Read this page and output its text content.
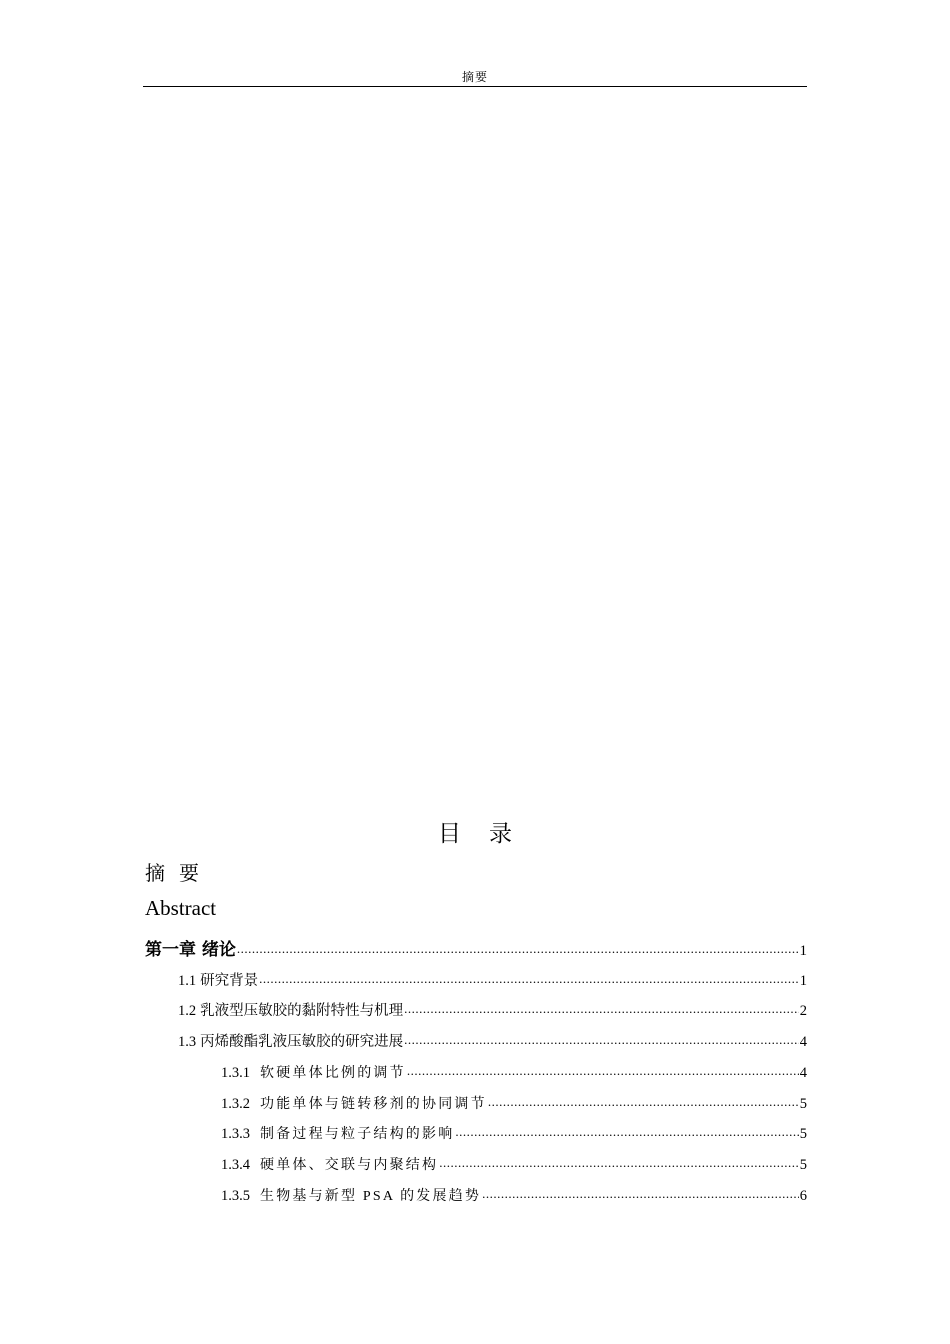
摘要
目录
摘要
Abstract
第一章 绪论 .....	1
1.1 研究背景 .....	1
1.2 乳液型压敏胶的黏附特性与机理 .....	2
1.3 丙烯酸酯乳液压敏胶的研究进展 .....	4
1.3.1 软硬单体比例的调节 .....	4
1.3.2 功能单体与链转移剂的协同调节 .....	5
1.3.3 制备过程与粒子结构的影响 .....	5
1.3.4 硬单体、交联与内聚结构 .....	5
1.3.5 生物基与新型 PSA 的发展趋势 .....	6
